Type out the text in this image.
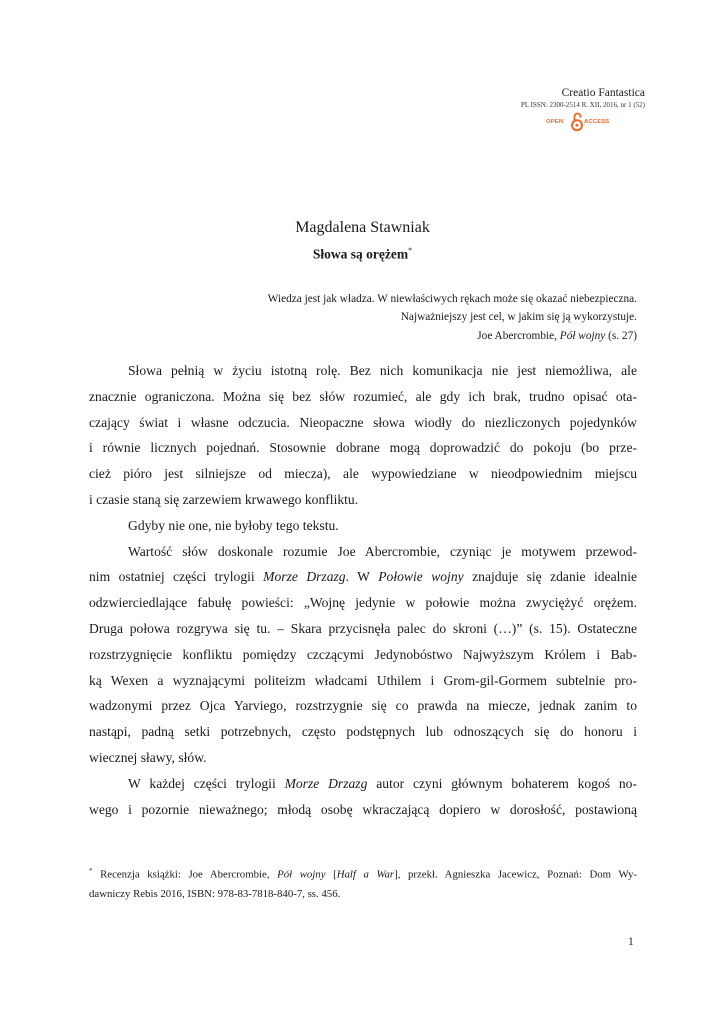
Creatio Fantastica
PL ISSN: 2300-2514 R. XII, 2016, nr 1 (52)
OPEN	ACCESS
Magdalena Stawniak
Słowa są orężem*
Wiedza jest jak władza. W niewłaściwych rękach może się okazać niebezpieczna.
Najważniejszy jest cel, w jakim się ją wykorzystuje.
Joe Abercrombie, Pół wojny (s. 27)
Słowa pełnią w życiu istotną rolę. Bez nich komunikacja nie jest niemożliwa, ale
znacznie ograniczona. Można się bez słów rozumieć, ale gdy ich brak, trudno opisać ota-
czający świat i własne odczucia. Nieopaczne słowa wiodły do niezliczonych pojedynków
i równie licznych pojednań. Stosownie dobrane mogą doprowadzić do pokoju (bo prze-
cież pióro jest silniejsze od miecza), ale wypowiedziane w nieodpowiednim miejscu
i czasie staną się zarzewiem krwawego konfliktu.
Gdyby nie one, nie byłoby tego tekstu.
Wartość słów doskonale rozumie Joe Abercrombie, czyniąc je motywem przewod-
nim ostatniej części trylogii Morze Drzazg. W Połowie wojny znajduje się zdanie idealnie
odzwierciedlające fabułę powieści: „Wojnę jedynie w połowie można zwyciężyć orężem.
Druga połowa rozgrywa się tu. – Skara przycisnęła palec do skroni (…)” (s. 15). Ostateczne
rozstrzygnięcie konfliktu pomiędzy czczącymi Jedynobóstwo Najwyższym Królem i Bab-
ką Wexen a wyznającymi politeizm władcami Uthilem i Grom-gil-Gormem subtelnie pro-
wadzonymi przez Ojca Yarviego, rozstrzygnie się co prawda na miecze, jednak zanim to
nastąpi, padną setki potrzebnych, często podstępnych lub odnoszących się do honoru i
wiecznej sławy, słów.
W każdej części trylogii Morze Drzazg autor czyni głównym bohaterem kogoś no-
wego i pozornie nieważnego; młodą osobę wkraczającą dopiero w dorosłość, postawioną
* Recenzja książki: Joe Abercrombie, Pół wojny [Half a War], przekł. Agnieszka Jacewicz, Poznań: Dom Wy-
dawniczy Rebis 2016, ISBN: 978-83-7818-840-7, ss. 456.
1
